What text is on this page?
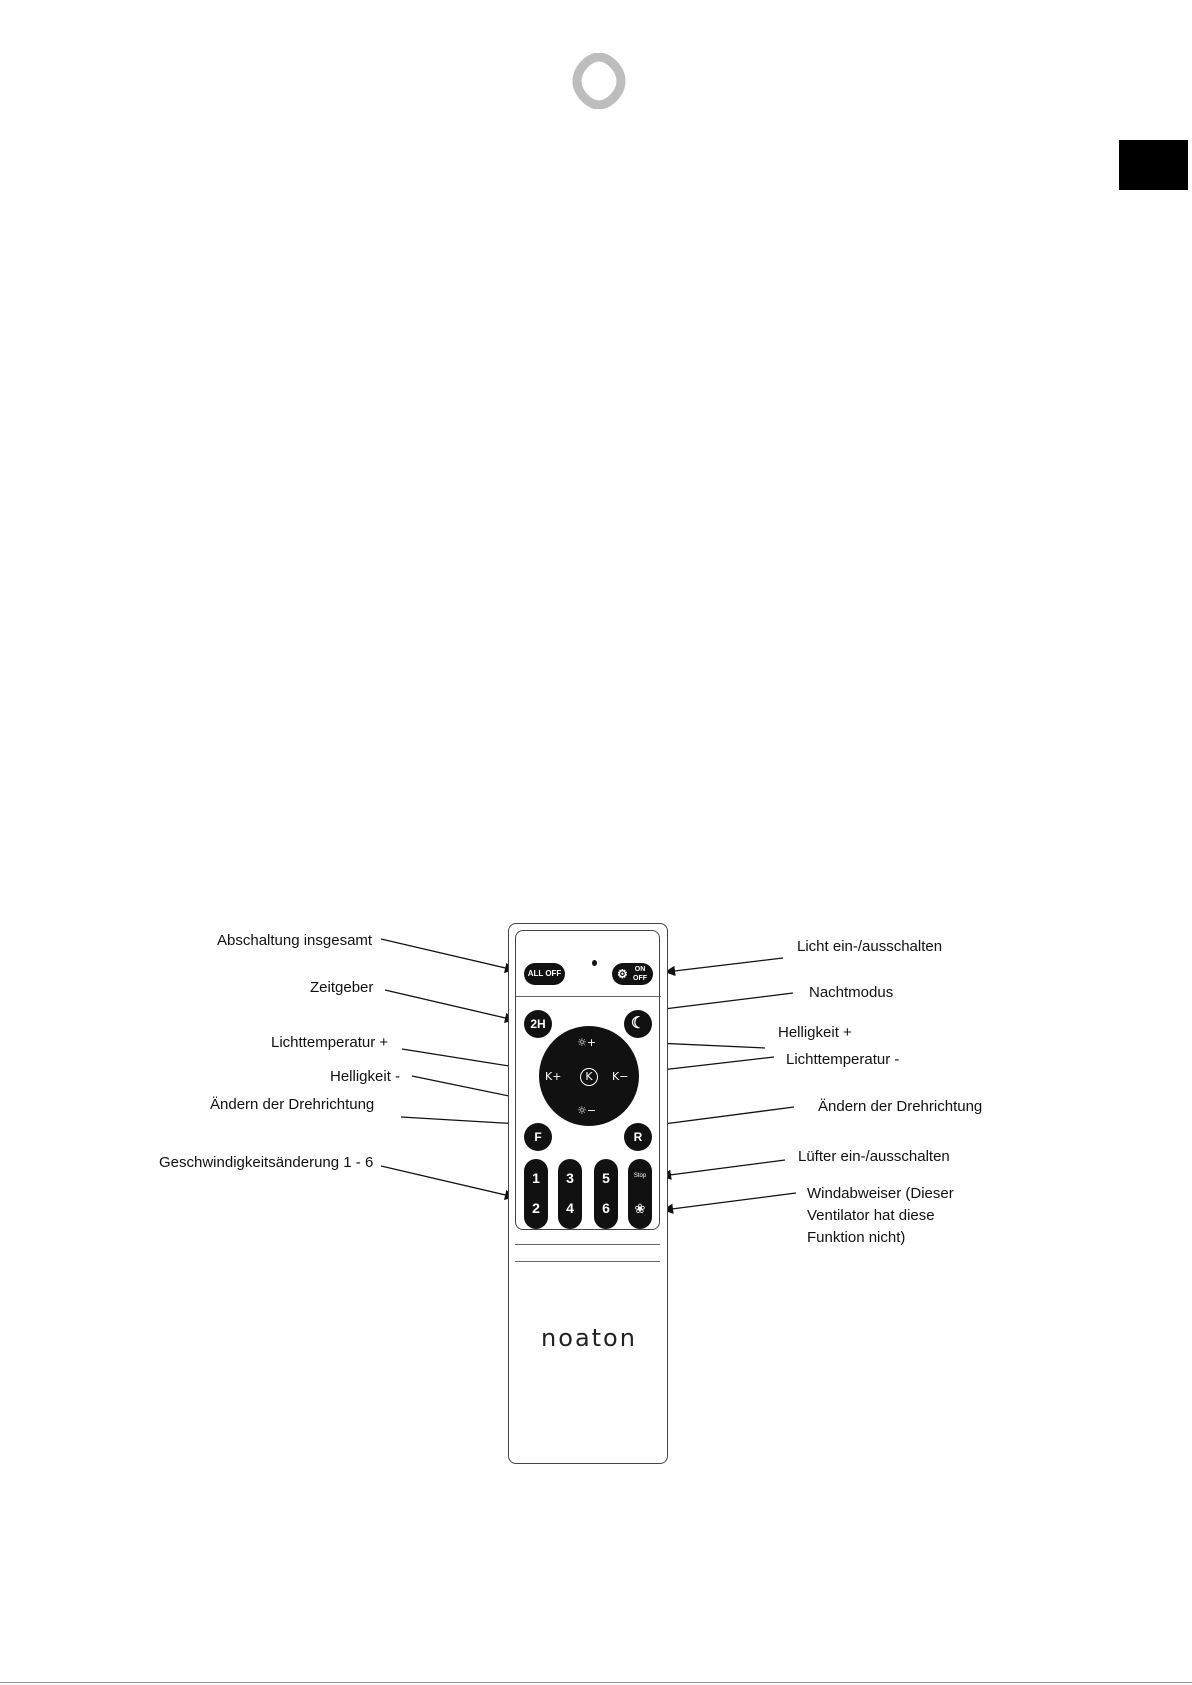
Abschaltung insgesamt
Zeitgeber
Lichttemperatur +
Helligkeit -
Ändern der Drehrichtung
Geschwindigkeitsänderung 1 - 6
Licht ein-/ausschalten
Nachtmodus
Helligkeit +
Lichttemperatur -
Ändern der Drehrichtung
Lüfter ein-/ausschalten
Windabweiser (Dieser Ventilator hat diese Funktion nicht)
ALL OFF	⚙ ON OFF
2H	☾
☼+
K+	K	K−
☼−
F	R
1
2
3
4
5
6
Stop
❀
noaton
